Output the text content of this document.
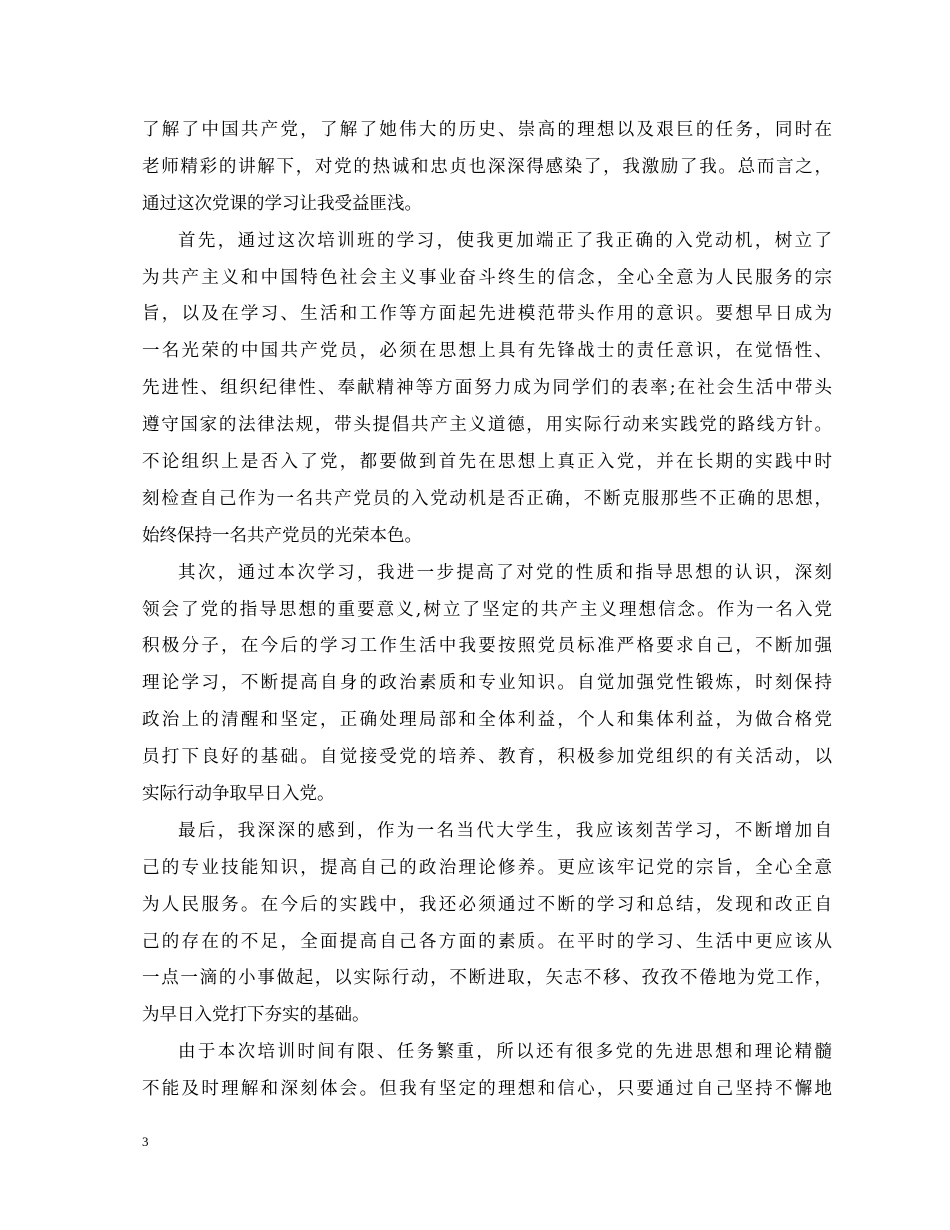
了解了中国共产党，了解了她伟大的历史、崇高的理想以及艰巨的任务，同时在
老师精彩的讲解下，对党的热诚和忠贞也深深得感染了，我激励了我。总而言之，
通过这次党课的学习让我受益匪浅。
首先，通过这次培训班的学习，使我更加端正了我正确的入党动机，树立了
为共产主义和中国特色社会主义事业奋斗终生的信念，全心全意为人民服务的宗
旨，以及在学习、生活和工作等方面起先进模范带头作用的意识。要想早日成为
一名光荣的中国共产党员，必须在思想上具有先锋战士的责任意识，在觉悟性、
先进性、组织纪律性、奉献精神等方面努力成为同学们的表率;在社会生活中带头
遵守国家的法律法规，带头提倡共产主义道德，用实际行动来实践党的路线方针。
不论组织上是否入了党，都要做到首先在思想上真正入党，并在长期的实践中时
刻检查自己作为一名共产党员的入党动机是否正确，不断克服那些不正确的思想，
始终保持一名共产党员的光荣本色。
其次，通过本次学习，我进一步提高了对党的性质和指导思想的认识，深刻
领会了党的指导思想的重要意义,树立了坚定的共产主义理想信念。作为一名入党
积极分子，在今后的学习工作生活中我要按照党员标准严格要求自己，不断加强
理论学习，不断提高自身的政治素质和专业知识。自觉加强党性锻炼，时刻保持
政治上的清醒和坚定，正确处理局部和全体利益，个人和集体利益，为做合格党
员打下良好的基础。自觉接受党的培养、教育，积极参加党组织的有关活动，以
实际行动争取早日入党。
最后，我深深的感到，作为一名当代大学生，我应该刻苦学习，不断增加自
己的专业技能知识，提高自己的政治理论修养。更应该牢记党的宗旨，全心全意
为人民服务。在今后的实践中，我还必须通过不断的学习和总结，发现和改正自
己的存在的不足，全面提高自己各方面的素质。在平时的学习、生活中更应该从
一点一滴的小事做起，以实际行动，不断进取，矢志不移、孜孜不倦地为党工作，
为早日入党打下夯实的基础。
由于本次培训时间有限、任务繁重，所以还有很多党的先进思想和理论精髓
不能及时理解和深刻体会。但我有坚定的理想和信心，只要通过自己坚持不懈地
3
